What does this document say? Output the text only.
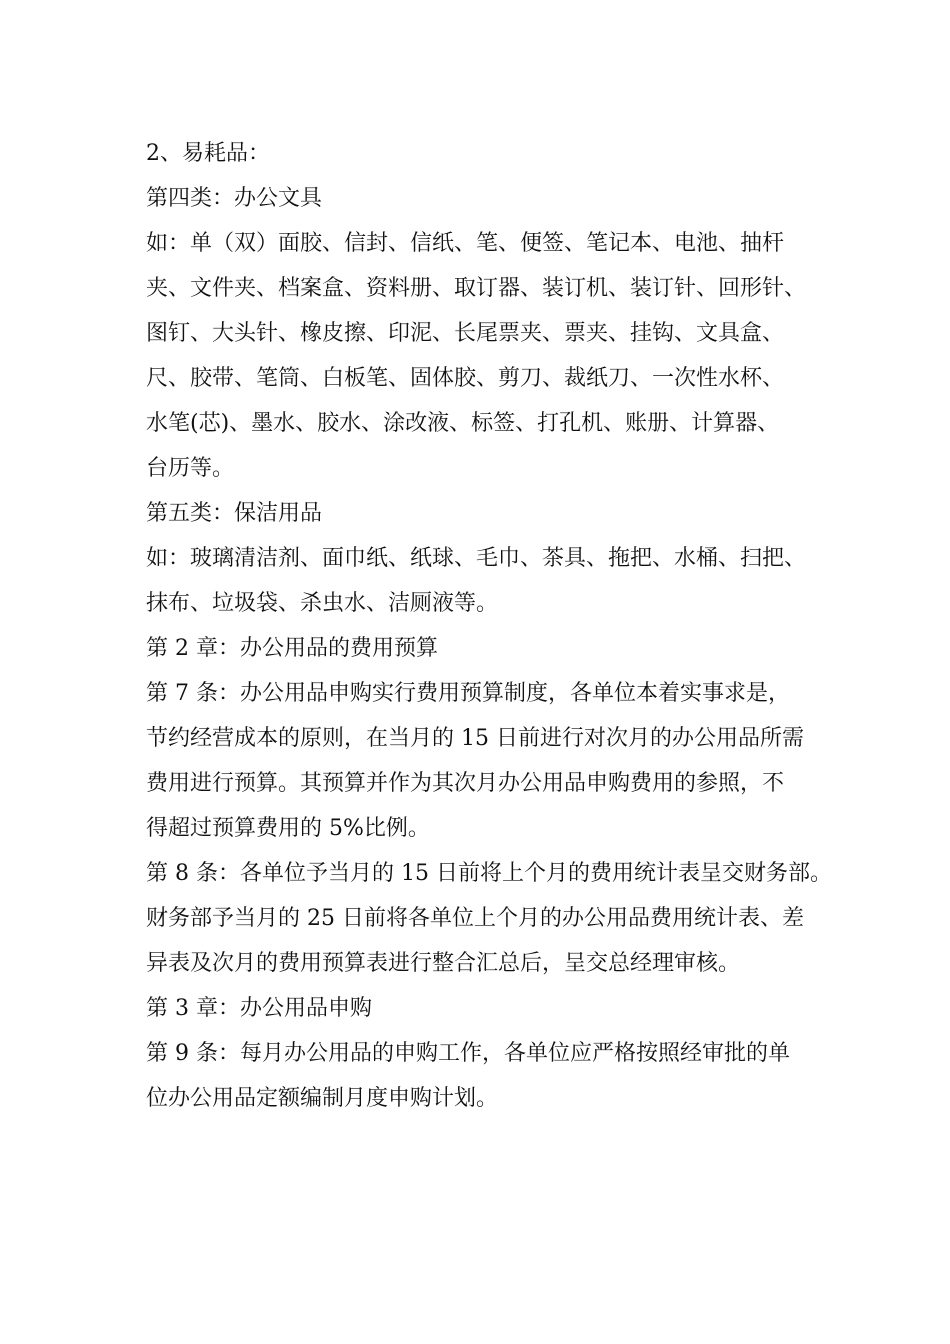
2、易耗品：
第四类：办公文具
如：单（双）面胶、信封、信纸、笔、便签、笔记本、电池、抽杆
夹、文件夹、档案盒、资料册、取订器、装订机、装订针、回形针、
图钉、大头针、橡皮擦、印泥、长尾票夹、票夹、挂钩、文具盒、
尺、胶带、笔筒、白板笔、固体胶、剪刀、裁纸刀、一次性水杯、
水笔(芯)、墨水、胶水、涂改液、标签、打孔机、账册、计算器、
台历等。
第五类：保洁用品
如：玻璃清洁剂、面巾纸、纸球、毛巾、茶具、拖把、水桶、扫把、
抹布、垃圾袋、杀虫水、洁厕液等。
第 2 章：办公用品的费用预算
第 7 条：办公用品申购实行费用预算制度，各单位本着实事求是，
节约经营成本的原则，在当月的 15 日前进行对次月的办公用品所需
费用进行预算。其预算并作为其次月办公用品申购费用的参照，不
得超过预算费用的 5%比例。
第 8 条：各单位予当月的 15 日前将上个月的费用统计表呈交财务部。
财务部予当月的 25 日前将各单位上个月的办公用品费用统计表、差
异表及次月的费用预算表进行整合汇总后，呈交总经理审核。
第 3 章：办公用品申购
第 9 条：每月办公用品的申购工作，各单位应严格按照经审批的单
位办公用品定额编制月度申购计划。
